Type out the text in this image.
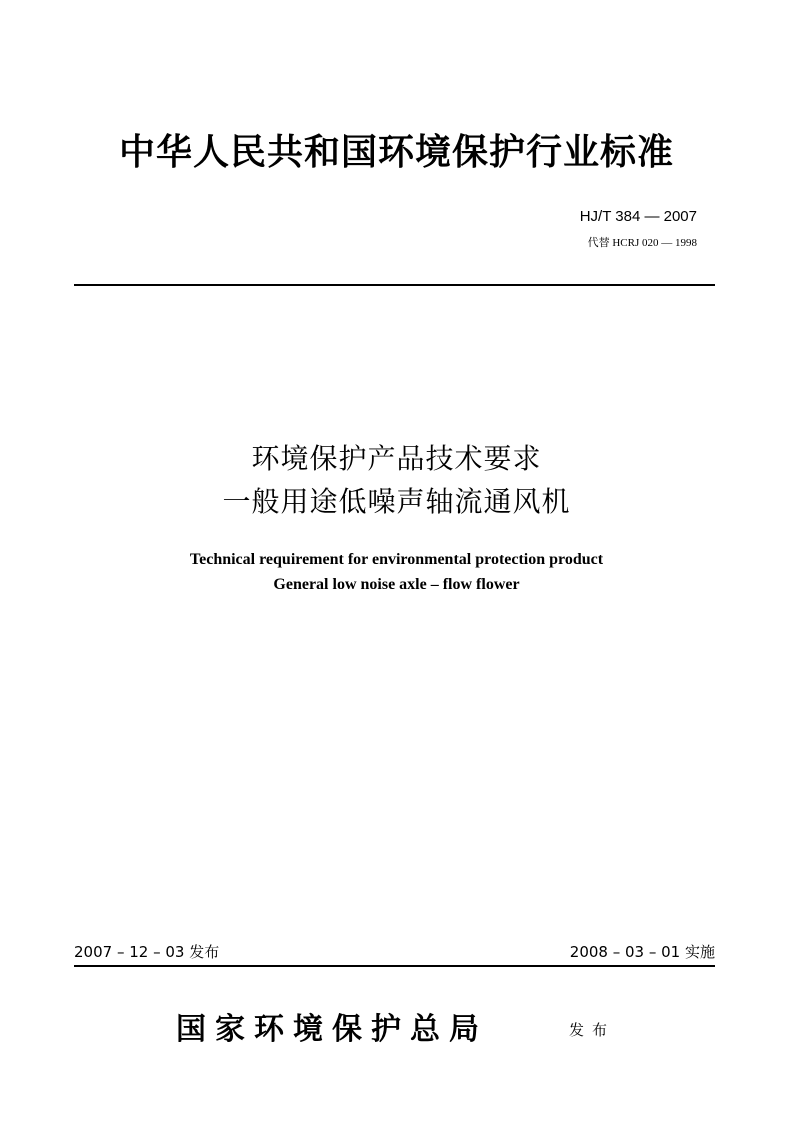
中华人民共和国环境保护行业标准
HJ/T 384 — 2007
代替 HCRJ 020 — 1998
环境保护产品技术要求
一般用途低噪声轴流通风机
Technical requirement for environmental protection product
General low noise axle – flow flower
2007 – 12 – 03 发布	2008 – 03 – 01 实施
国家环境保护总局	发布
